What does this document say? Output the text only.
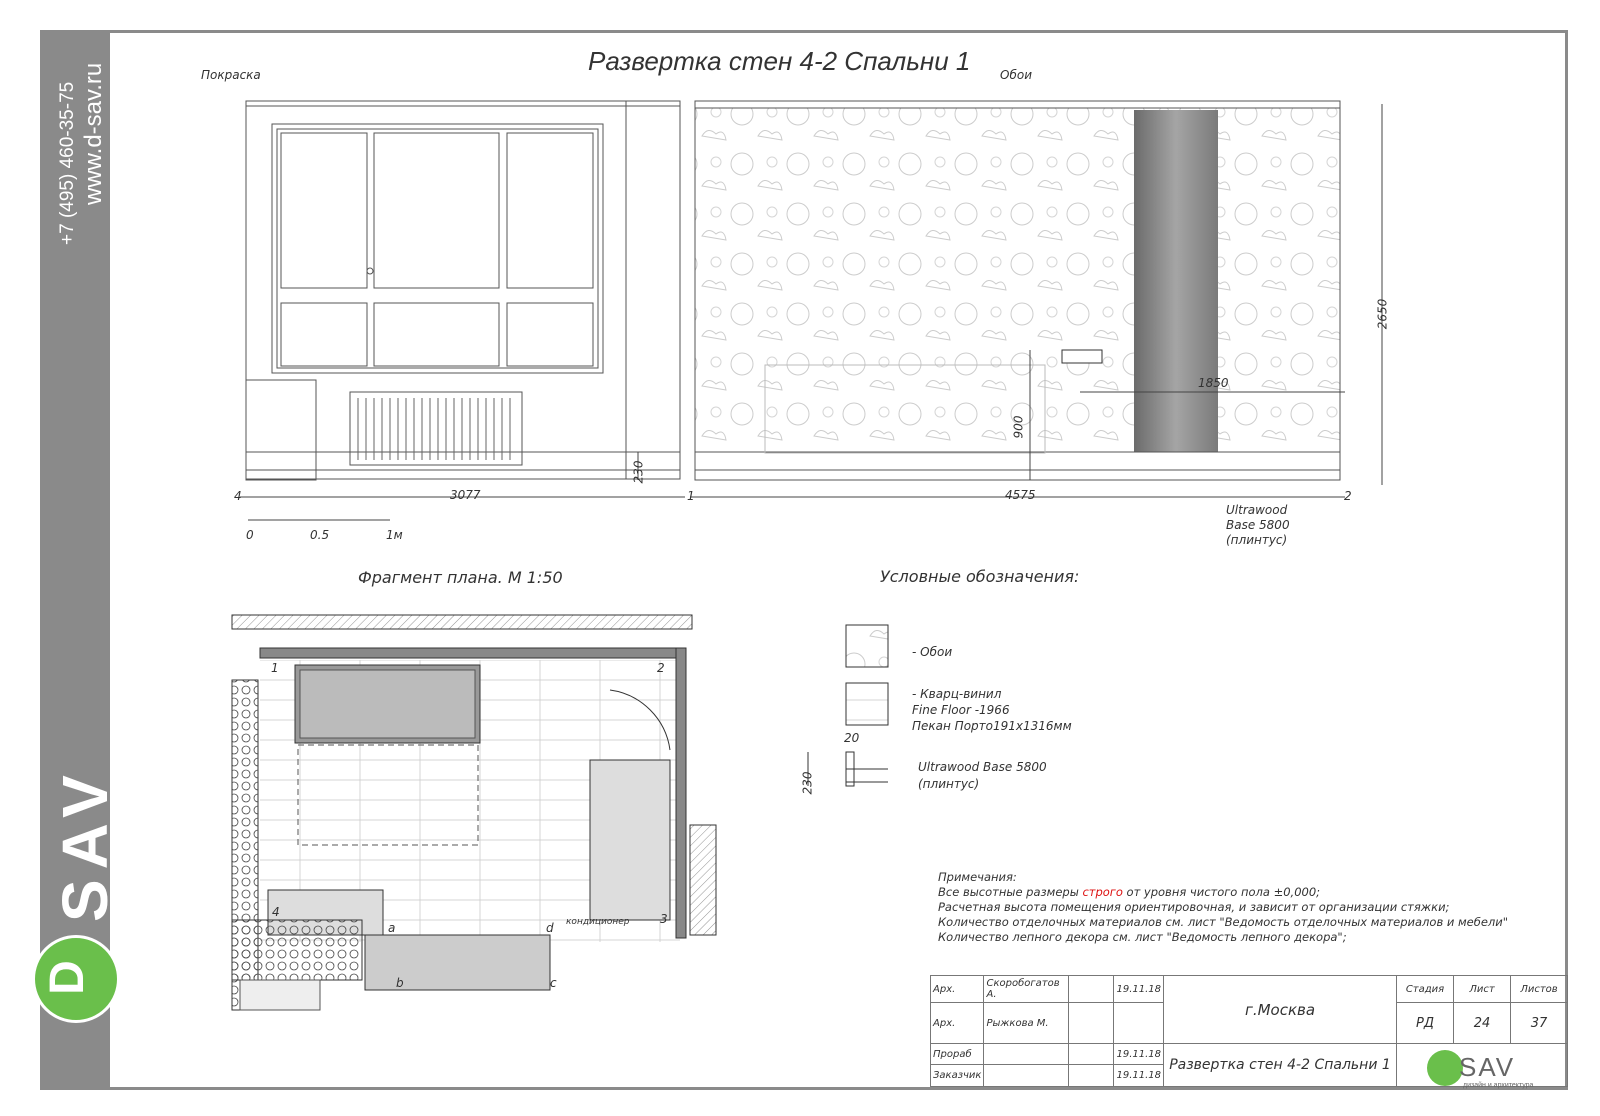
+7 (495) 460-35-75 www.d-sav.ru
SAV
D
Развертка стен 4-2 Спальни 1
Покраска	Обои
3077	4575
2650
1850
900
230
4	1	2
0	0.5	1м
Ultrawood
Base 5800
(плинтус)
Фрагмент плана. М 1:50
1	2
3
4
a
b	c
d кондиционер
Условные обозначения:
- Обои
- Кварц-винил
Fine Floor -1966
Пекан Порто191х1316мм
20
Ultrawood Base 5800
(плинтус)
230
Примечания:
Все высотные размеры строго от уровня чистого пола ±0,000;
Расчетная высота помещения ориентировочная, и зависит от организации стяжки;
Количество отделочных материалов см. лист "Ведомость отделочных материалов и мебели"
Количество лепного декора см. лист "Ведомость лепного декора";
Арх.	Скоробогатов А.		19.11.18	г.Москва	Стадия	Лист	Листов
Арх.	Рыжкова М.				РД	24	37
Прораб			19.11.18	Развертка стен 4-2 Спальни 1	SAV
дизайн и архитектура		

Заказчик			19.11.18				
